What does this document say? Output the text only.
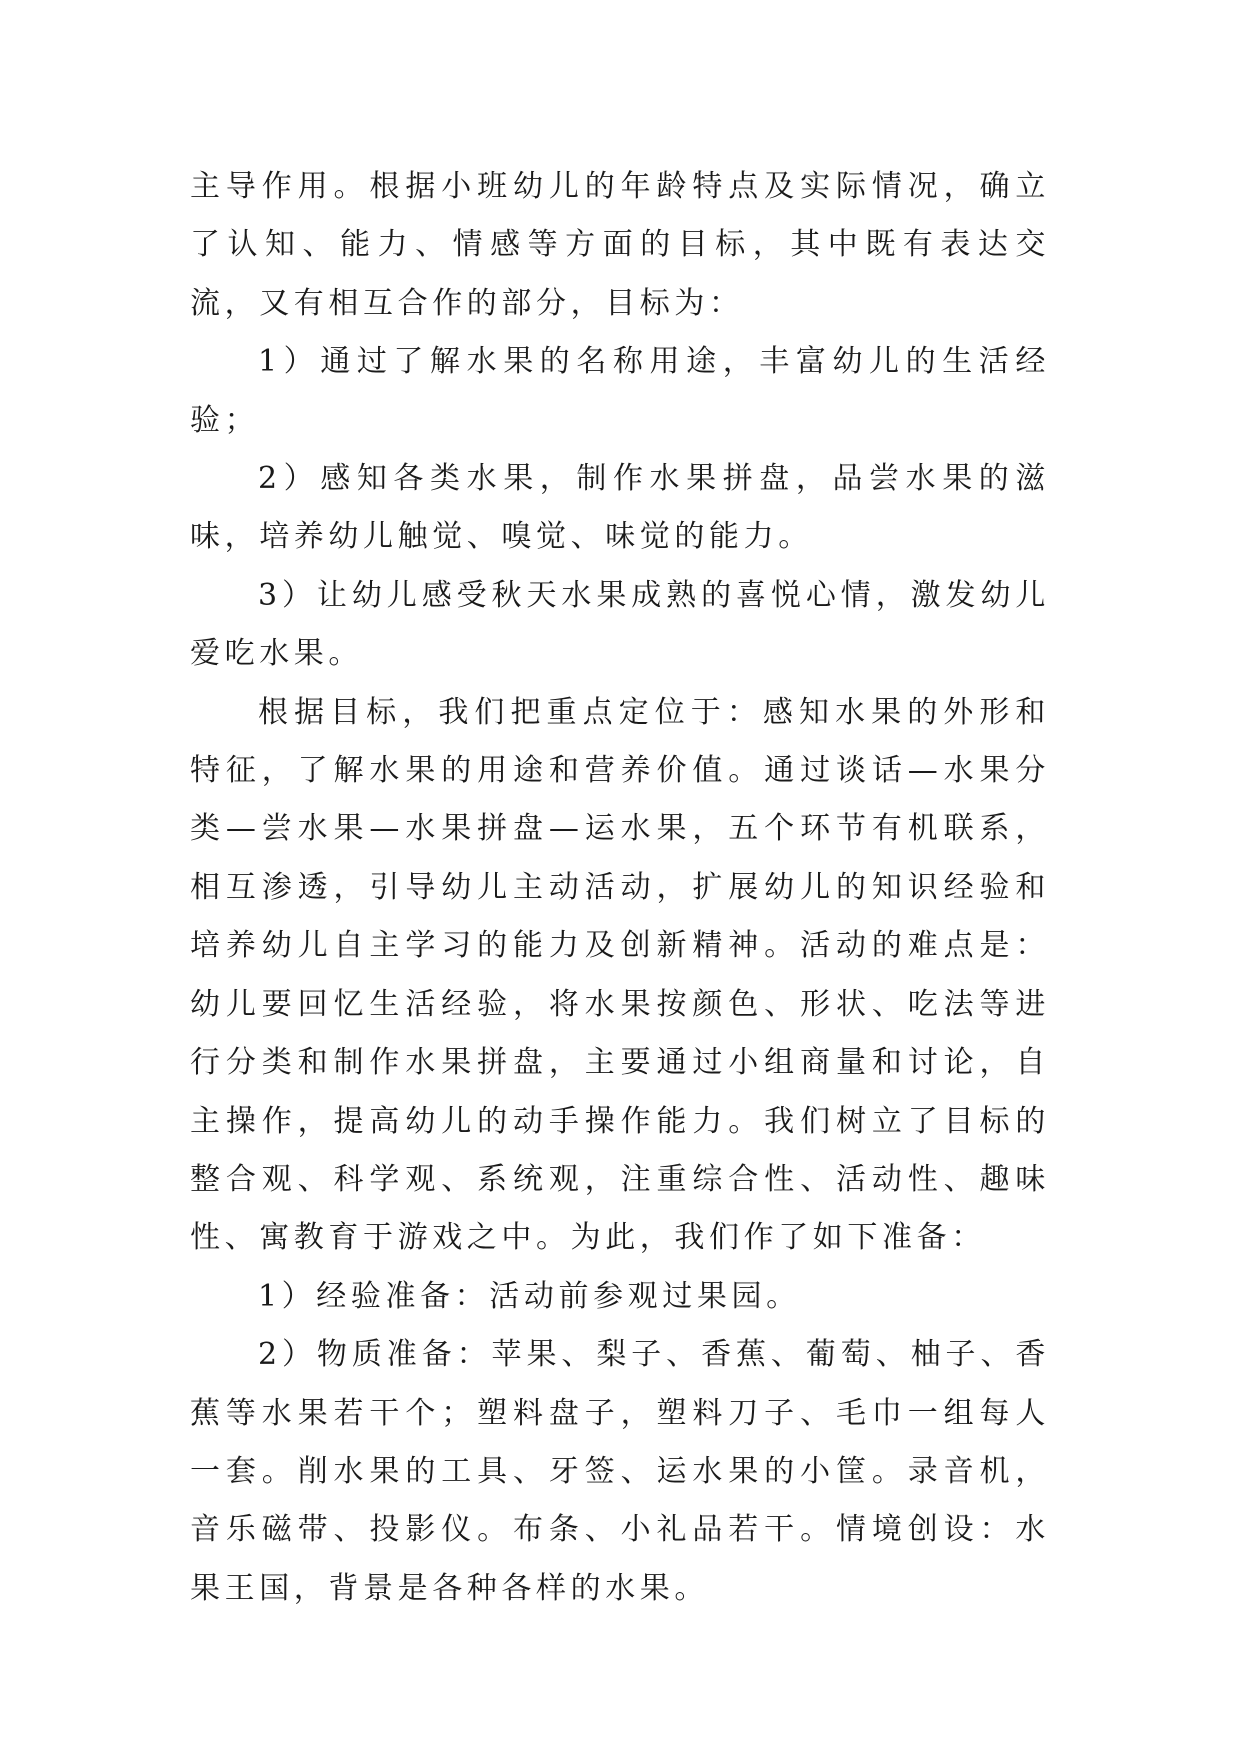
主导作用。根据小班幼儿的年龄特点及实际情况，确立了认知、能力、情感等方面的目标，其中既有表达交流，又有相互合作的部分，目标为：

1）通过了解水果的名称用途，丰富幼儿的生活经验；

2）感知各类水果，制作水果拼盘，品尝水果的滋味，培养幼儿触觉、嗅觉、味觉的能力。

3）让幼儿感受秋天水果成熟的喜悦心情，激发幼儿爱吃水果。

根据目标，我们把重点定位于：感知水果的外形和特征，了解水果的用途和营养价值。通过谈话—水果分类—尝水果—水果拼盘—运水果，五个环节有机联系，相互渗透，引导幼儿主动活动，扩展幼儿的知识经验和培养幼儿自主学习的能力及创新精神。活动的难点是：幼儿要回忆生活经验，将水果按颜色、形状、吃法等进行分类和制作水果拼盘，主要通过小组商量和讨论，自主操作，提高幼儿的动手操作能力。我们树立了目标的整合观、科学观、系统观，注重综合性、活动性、趣味性、寓教育于游戏之中。为此，我们作了如下准备：

1）经验准备：活动前参观过果园。

2）物质准备：苹果、梨子、香蕉、葡萄、柚子、香蕉等水果若干个；塑料盘子，塑料刀子、毛巾一组每人一套。削水果的工具、牙签、运水果的小筐。录音机，音乐磁带、投影仪。布条、小礼品若干。情境创设：水果王国，背景是各种各样的水果。
